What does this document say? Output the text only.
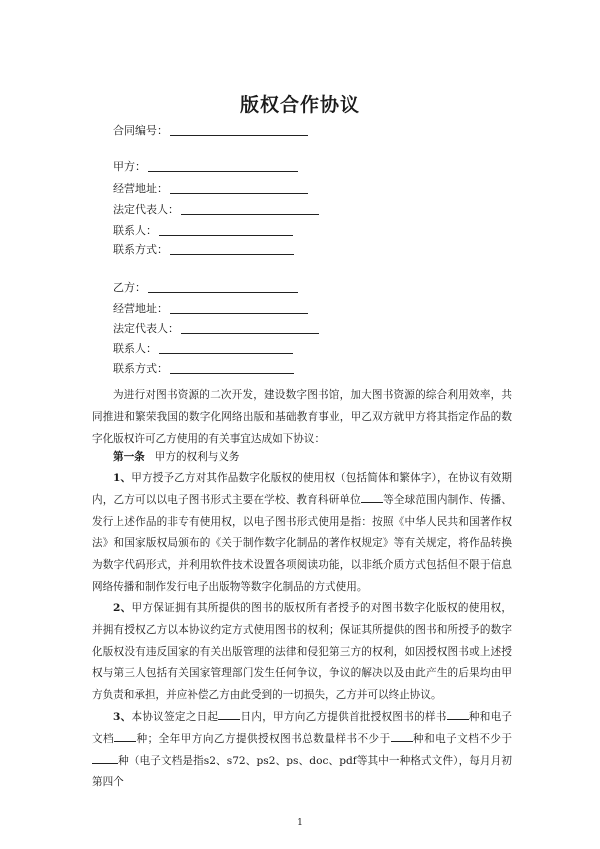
版权合作协议
合同编号：
甲方：
经营地址：
法定代表人：
联系人：
联系方式：
乙方：
经营地址：
法定代表人：
联系人：
联系方式：

为进行对图书资源的二次开发，建设数字图书馆，加大图书资源的综合利用效率，共同推进和繁荣我国的数字化网络出版和基础教育事业，甲乙双方就甲方将其指定作品的数字化版权许可乙方使用的有关事宜达成如下协议：

第一条 甲方的权利与义务

1、甲方授予乙方对其作品数字化版权的使用权（包括简体和繁体字），在协议有效期内，乙方可以以电子图书形式主要在学校、教育科研单位 等全球范围内制作、传播、发行上述作品的非专有使用权，以电子图书形式使用是指：按照《中华人民共和国著作权法》和国家版权局颁布的《关于制作数字化制品的著作权规定》等有关规定，将作品转换为数字代码形式，并利用软件技术设置各项阅读功能，以非纸介质方式包括但不限于信息网络传播和制作发行电子出版物等数字化制品的方式使用。

2、甲方保证拥有其所提供的图书的版权所有者授予的对图书数字化版权的使用权，并拥有授权乙方以本协议约定方式使用图书的权利；保证其所提供的图书和所授予的数字化版权没有违反国家的有关出版管理的法律和侵犯第三方的权利，如因授权图书或上述授权与第三人包括有关国家管理部门发生任何争议，争议的解决以及由此产生的后果均由甲方负责和承担，并应补偿乙方由此受到的一切损失，乙方并可以终止协议。

3、本协议签定之日起 日内，甲方向乙方提供首批授权图书的样书 种和电子文档 种；全年甲方向乙方提供授权图书总数量样书不少于 种和电子文档不少于种（电子文档是指s2、s72、ps2、ps、doc、pdf等其中一种格式文件），每月月初第四个

1
